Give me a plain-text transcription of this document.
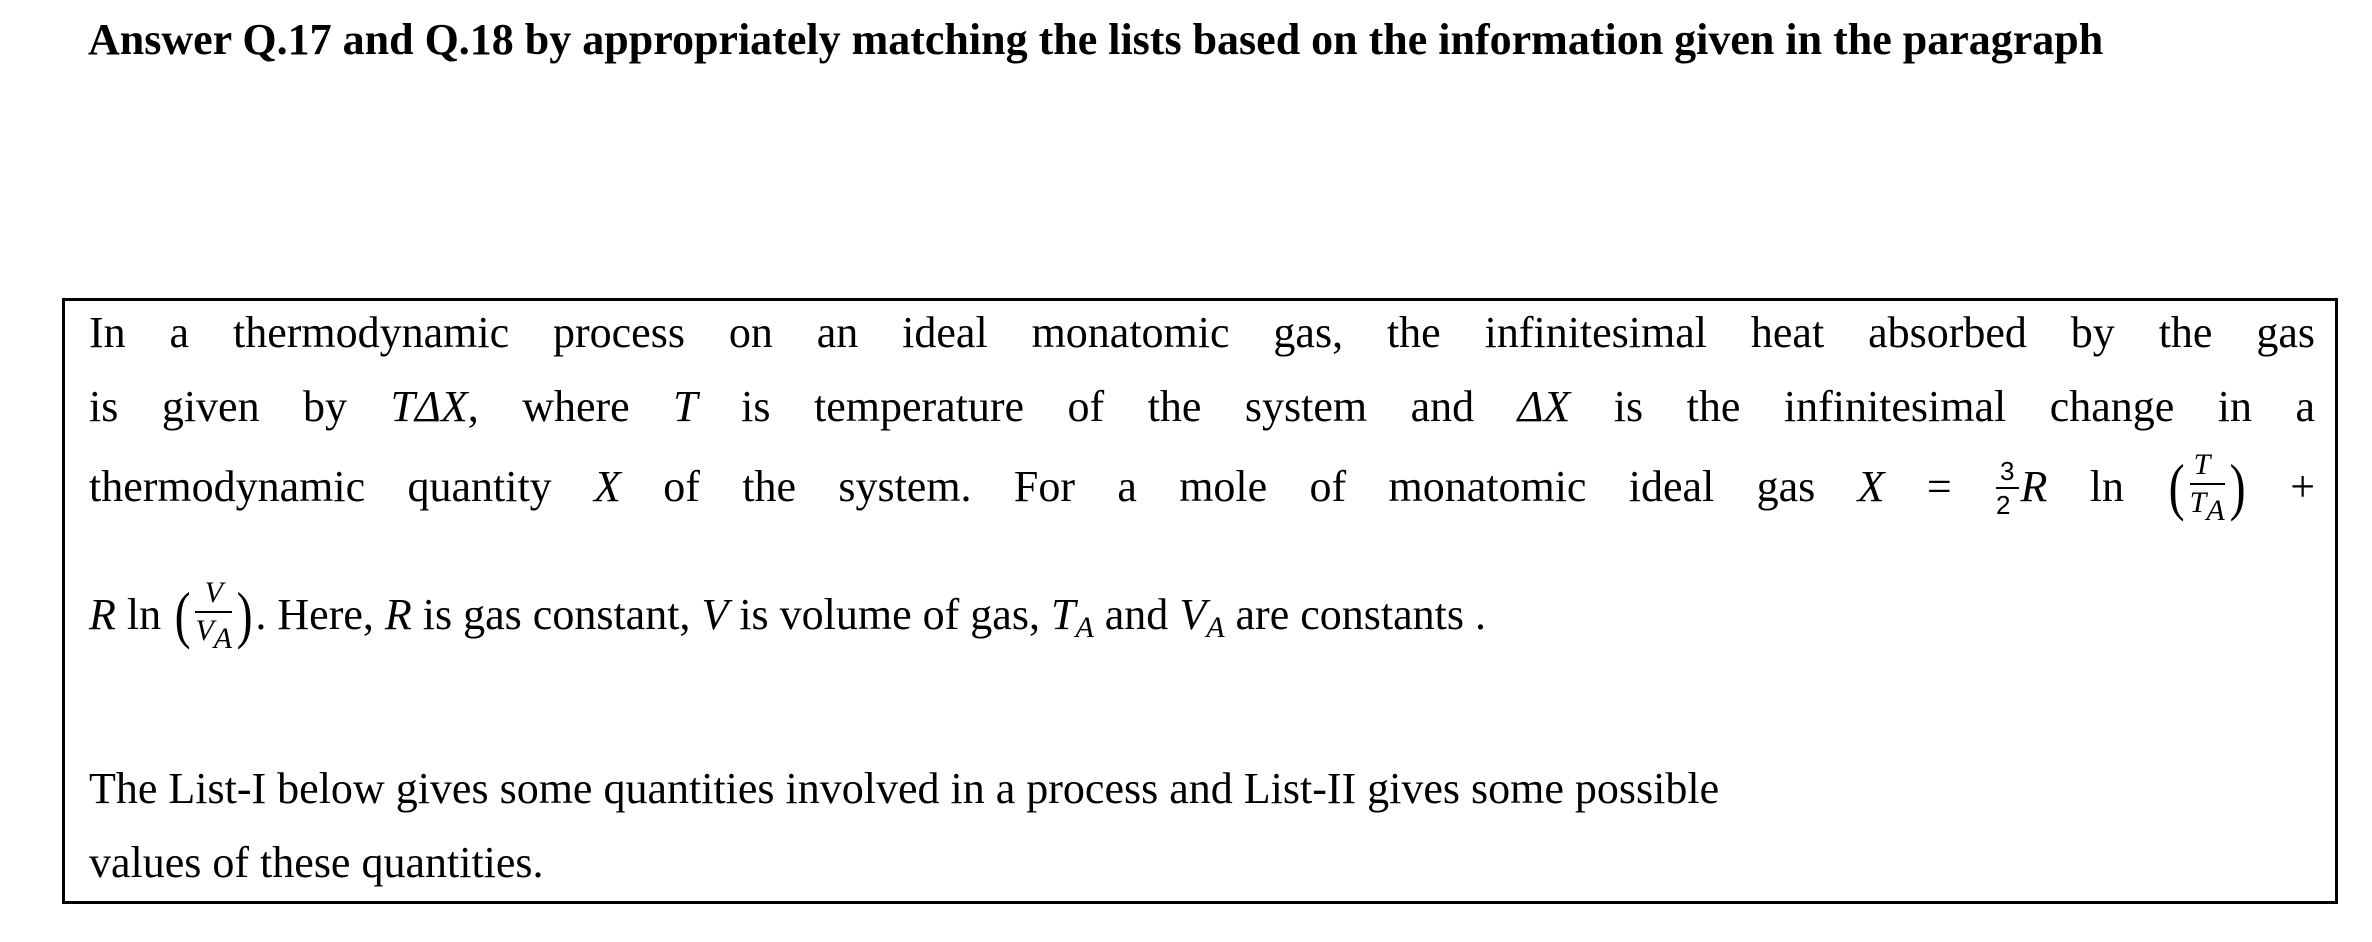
Answer Q.17 and Q.18 by appropriately matching the lists based on the information given in the paragraph
In a thermodynamic process on an ideal monatomic gas, the infinitesimal heat absorbed by the gas
is given by TΔX, where T is temperature of the system and ΔX is the infinitesimal change in a
thermodynamic quantity X of the system. For a mole of monatomic ideal gas $X = \frac{3}{2}$ R ln ( $\frac{T}{T_A}$ ) +
R ln ( $\frac{V}{V_A}$ ). Here, R is gas constant, V is volume of gas, $T_A$ and $V_A$ are constants .
The List-I below gives some quantities involved in a process and List-II gives some possible
values of these quantities.
